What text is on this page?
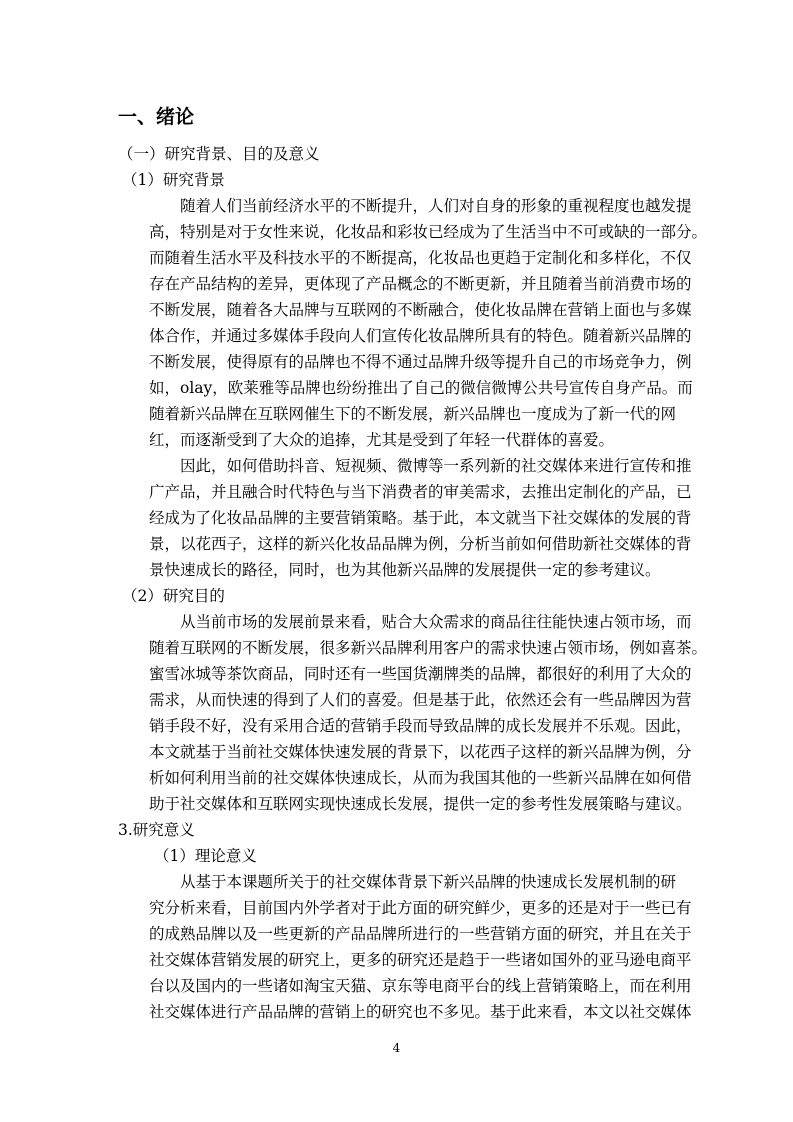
一、绪论

（一）研究背景、目的及意义

（1）研究背景

随着人们当前经济水平的不断提升，人们对自身的形象的重视程度也越发提
高，特别是对于女性来说，化妆品和彩妆已经成为了生活当中不可或缺的一部分。
而随着生活水平及科技水平的不断提高，化妆品也更趋于定制化和多样化，不仅
存在产品结构的差异，更体现了产品概念的不断更新，并且随着当前消费市场的
不断发展，随着各大品牌与互联网的不断融合，使化妆品牌在营销上面也与多媒
体合作，并通过多媒体手段向人们宣传化妆品牌所具有的特色。随着新兴品牌的
不断发展，使得原有的品牌也不得不通过品牌升级等提升自己的市场竞争力，例
如，olay，欧莱雅等品牌也纷纷推出了自己的微信微博公共号宣传自身产品。而
随着新兴品牌在互联网催生下的不断发展，新兴品牌也一度成为了新一代的网
红，而逐渐受到了大众的追捧，尤其是受到了年轻一代群体的喜爱。

因此，如何借助抖音、短视频、微博等一系列新的社交媒体来进行宣传和推
广产品，并且融合时代特色与当下消费者的审美需求，去推出定制化的产品，已
经成为了化妆品品牌的主要营销策略。基于此，本文就当下社交媒体的发展的背
景，以花西子，这样的新兴化妆品品牌为例，分析当前如何借助新社交媒体的背
景快速成长的路径，同时，也为其他新兴品牌的发展提供一定的参考建议。

（2）研究目的

从当前市场的发展前景来看，贴合大众需求的商品往往能快速占领市场，而
随着互联网的不断发展，很多新兴品牌利用客户的需求快速占领市场，例如喜茶。
蜜雪冰城等茶饮商品，同时还有一些国货潮牌类的品牌，都很好的利用了大众的
需求，从而快速的得到了人们的喜爱。但是基于此，依然还会有一些品牌因为营
销手段不好，没有采用合适的营销手段而导致品牌的成长发展并不乐观。因此，
本文就基于当前社交媒体快速发展的背景下，以花西子这样的新兴品牌为例，分
析如何利用当前的社交媒体快速成长，从而为我国其他的一些新兴品牌在如何借
助于社交媒体和互联网实现快速成长发展，提供一定的参考性发展策略与建议。

3.研究意义

（1）理论意义

从基于本课题所关于的社交媒体背景下新兴品牌的快速成长发展机制的研
究分析来看，目前国内外学者对于此方面的研究鲜少，更多的还是对于一些已有
的成熟品牌以及一些更新的产品品牌所进行的一些营销方面的研究，并且在关于
社交媒体营销发展的研究上，更多的研究还是趋于一些诸如国外的亚马逊电商平
台以及国内的一些诸如淘宝天猫、京东等电商平台的线上营销策略上，而在利用
社交媒体进行产品品牌的营销上的研究也不多见。基于此来看，本文以社交媒体

4
